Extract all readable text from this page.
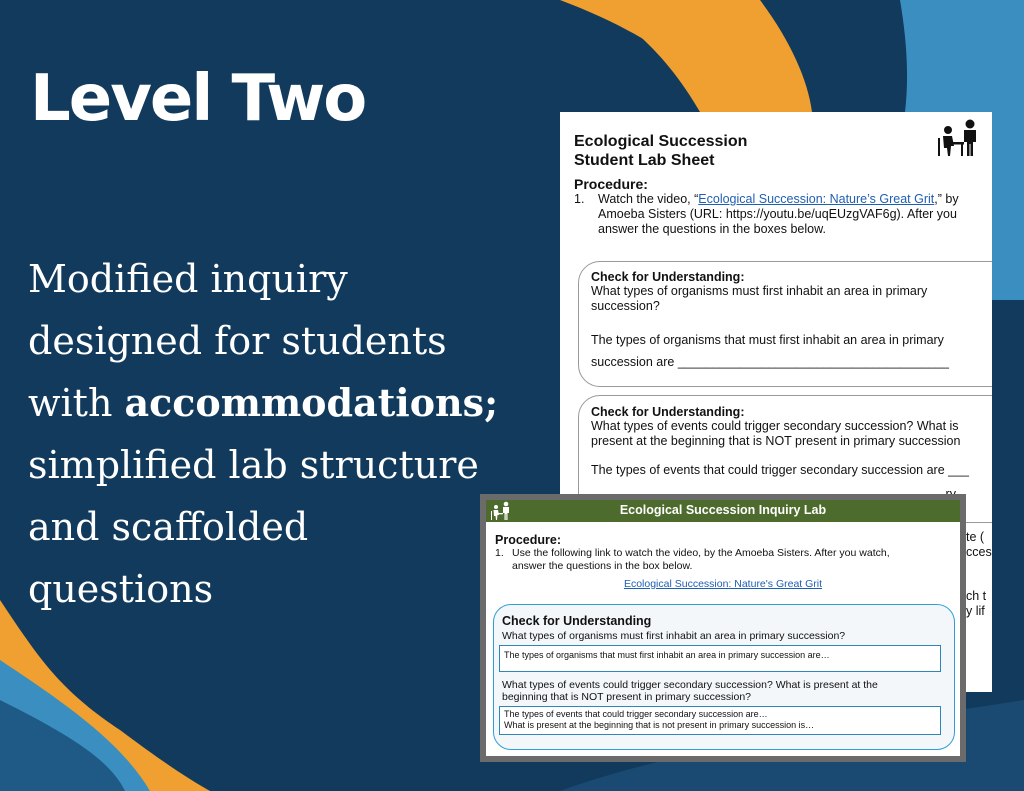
Level Two

Modified inquiry
designed for students
with accommodations;
simplified lab structure
and scaffolded
questions

Ecological Succession
Student Lab Sheet
Procedure:
1. Watch the video, “Ecological Succession: Nature’s Great Grit,” by
Amoeba Sisters (URL: https://youtu.be/uqEUzgVAF6g). After you
answer the questions in the boxes below.
Check for Understanding:

What types of organisms must first inhabit an area in primary

succession?

The types of organisms that must first inhabit an area in primary

succession are _______________________________________

Check for Understanding:

What types of events could trigger secondary succession? What is

present at the beginning that is NOT present in primary succession

The types of events that could trigger secondary succession are ___

te (
cces
ch t
y lif
Ecological Succession Inquiry Lab
Procedure:
1. Use the following link to watch the video, by the Amoeba Sisters. After you watch,
answer the questions in the box below.
Ecological Succession: Nature's Great Grit
Check for Understanding
What types of organisms must first inhabit an area in primary succession?
The types of organisms that must first inhabit an area in primary succession are…
What types of events could trigger secondary succession? What is present at the
beginning that is NOT present in primary succession?
The types of events that could trigger secondary succession are…
What is present at the beginning that is not present in primary succession is…
